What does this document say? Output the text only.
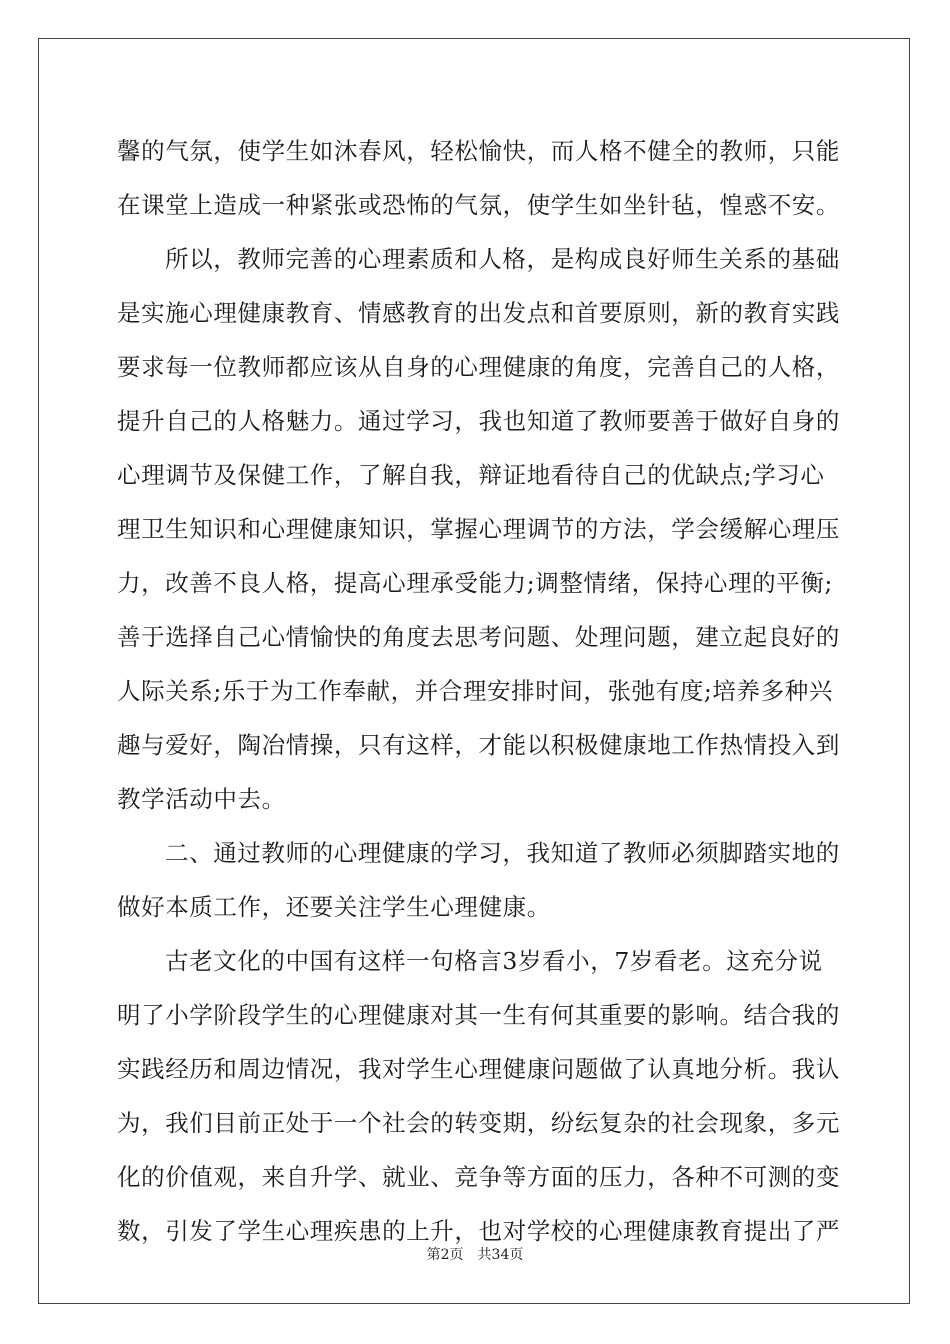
馨的气氛，使学生如沐春风，轻松愉快，而人格不健全的教师，只能
在课堂上造成一种紧张或恐怖的气氛，使学生如坐针毡，惶惑不安。
所以，教师完善的心理素质和人格，是构成良好师生关系的基础
是实施心理健康教育、情感教育的出发点和首要原则，新的教育实践
要求每一位教师都应该从自身的心理健康的角度，完善自己的人格，
提升自己的人格魅力。通过学习，我也知道了教师要善于做好自身的
心理调节及保健工作，了解自我，辩证地看待自己的优缺点;学习心
理卫生知识和心理健康知识，掌握心理调节的方法，学会缓解心理压
力，改善不良人格，提高心理承受能力;调整情绪，保持心理的平衡;
善于选择自己心情愉快的角度去思考问题、处理问题，建立起良好的
人际关系;乐于为工作奉献，并合理安排时间，张弛有度;培养多种兴
趣与爱好，陶冶情操，只有这样，才能以积极健康地工作热情投入到
教学活动中去。
二、通过教师的心理健康的学习，我知道了教师必须脚踏实地的
做好本质工作，还要关注学生心理健康。
古老文化的中国有这样一句格言3岁看小，7岁看老。这充分说
明了小学阶段学生的心理健康对其一生有何其重要的影响。结合我的
实践经历和周边情况，我对学生心理健康问题做了认真地分析。我认
为，我们目前正处于一个社会的转变期，纷纭复杂的社会现象，多元
化的价值观，来自升学、就业、竞争等方面的压力，各种不可测的变
数，引发了学生心理疾患的上升，也对学校的心理健康教育提出了严
第2页 共34页
